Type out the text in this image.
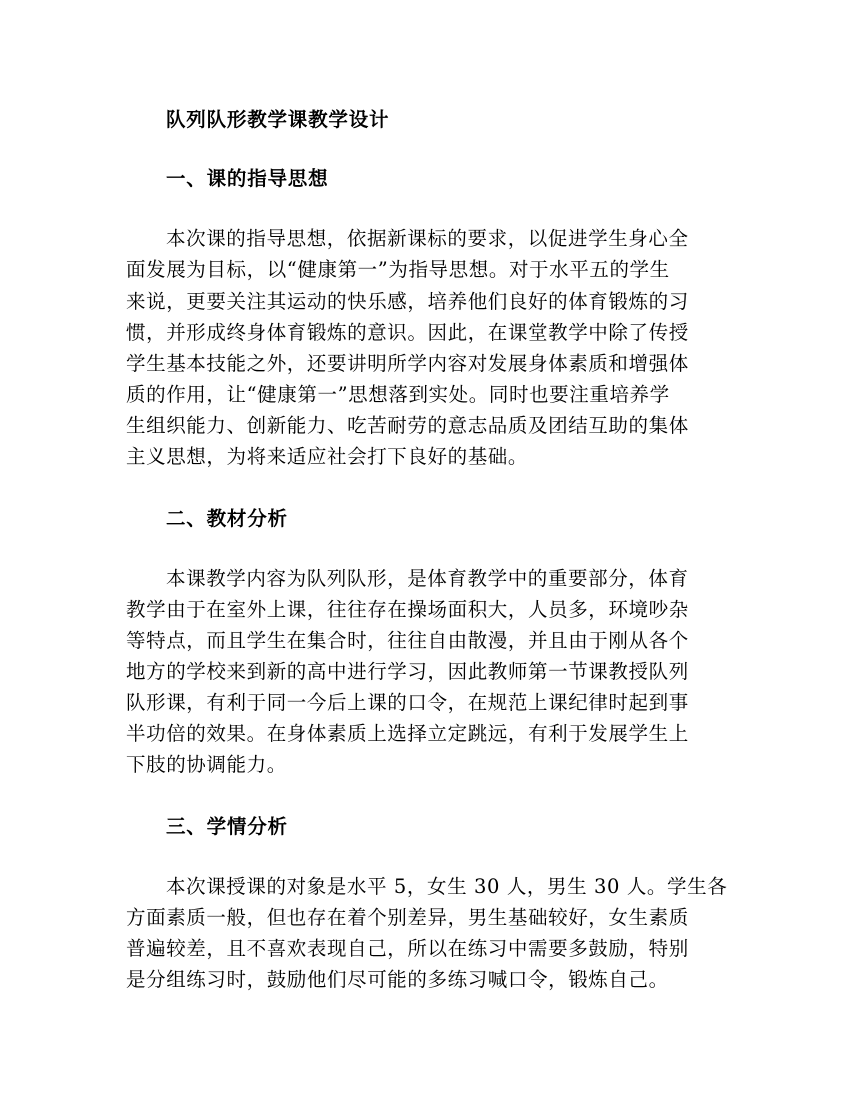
队列队形教学课教学设计
一、课的指导思想
本次课的指导思想，依据新课标的要求，以促进学生身心全
面发展为目标，以“健康第一”为指导思想。对于水平五的学生
来说，更要关注其运动的快乐感，培养他们良好的体育锻炼的习
惯，并形成终身体育锻炼的意识。因此，在课堂教学中除了传授
学生基本技能之外，还要讲明所学内容对发展身体素质和增强体
质的作用，让“健康第一”思想落到实处。同时也要注重培养学
生组织能力、创新能力、吃苦耐劳的意志品质及团结互助的集体
主义思想，为将来适应社会打下良好的基础。
二、教材分析
本课教学内容为队列队形，是体育教学中的重要部分，体育
教学由于在室外上课，往往存在操场面积大，人员多，环境吵杂
等特点，而且学生在集合时，往往自由散漫，并且由于刚从各个
地方的学校来到新的高中进行学习，因此教师第一节课教授队列
队形课，有利于同一今后上课的口令，在规范上课纪律时起到事
半功倍的效果。在身体素质上选择立定跳远，有利于发展学生上
下肢的协调能力。
三、学情分析
本次课授课的对象是水平 5，女生 30 人，男生 30 人。学生各
方面素质一般，但也存在着个别差异，男生基础较好，女生素质
普遍较差，且不喜欢表现自己，所以在练习中需要多鼓励，特别
是分组练习时，鼓励他们尽可能的多练习喊口令，锻炼自己。
